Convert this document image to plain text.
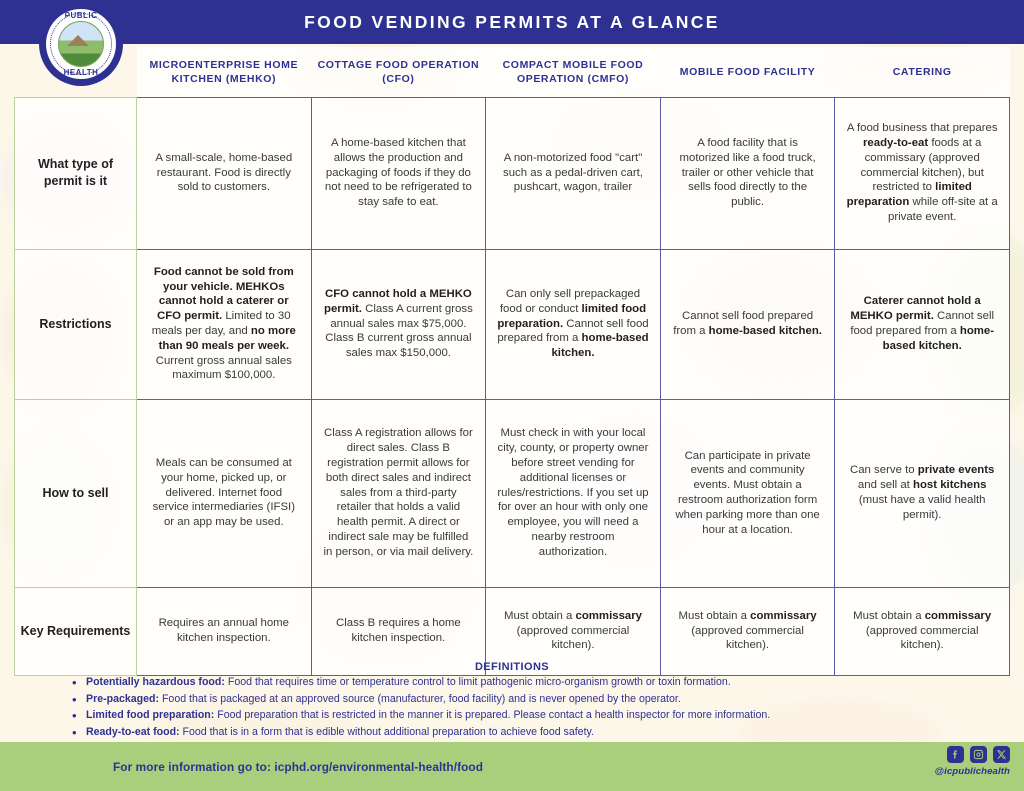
FOOD VENDING PERMITS AT A GLANCE
PUBLIC
HEALTH
	MICROENTERPRISE HOME KITCHEN (MEHKO)	COTTAGE FOOD OPERATION (CFO)	COMPACT MOBILE FOOD OPERATION (CMFO)	MOBILE FOOD FACILITY	CATERING
What type of permit is it	A small-scale, home-based restaurant. Food is directly sold to customers.	A home-based kitchen that allows the production and packaging of foods if they do not need to be refrigerated to stay safe to eat.	A non-motorized food "cart" such as a pedal-driven cart, pushcart, wagon, trailer	A food facility that is motorized like a food truck, trailer or other vehicle that sells food directly to the public.	A food business that prepares ready-to-eat foods at a commissary (approved commercial kitchen), but restricted to limited preparation while off-site at a private event.
Restrictions	Food cannot be sold from your vehicle. MEHKOs cannot hold a caterer or CFO permit. Limited to 30 meals per day, and no more than 90 meals per week. Current gross annual sales maximum $100,000.	CFO cannot hold a MEHKO permit. Class A current gross annual sales max $75,000. Class B current gross annual sales max $150,000.	Can only sell prepackaged food or conduct limited food preparation. Cannot sell food prepared from a home-based kitchen.	Cannot sell food prepared from a home-based kitchen.	Caterer cannot hold a MEHKO permit. Cannot sell food prepared from a home-based kitchen.
How to sell	Meals can be consumed at your home, picked up, or delivered. Internet food service intermediaries (IFSI) or an app may be used.	Class A registration allows for direct sales. Class B registration permit allows for both direct sales and indirect sales from a third-party retailer that holds a valid health permit. A direct or indirect sale may be fulfilled in person, or via mail delivery.	Must check in with your local city, county, or property owner before street vending for additional licenses or rules/restrictions. If you set up for over an hour with only one employee, you will need a nearby restroom authorization.	Can participate in private events and community events. Must obtain a restroom authorization form when parking more than one hour at a location.	Can serve to private events and sell at host kitchens (must have a valid health permit).
Key Requirements	Requires an annual home kitchen inspection.	Class B requires a home kitchen inspection.	Must obtain a commissary (approved commercial kitchen).	Must obtain a commissary (approved commercial kitchen).	Must obtain a commissary (approved commercial kitchen).
DEFINITIONS
• Potentially hazardous food: Food that requires time or temperature control to limit pathogenic micro-organism growth or toxin formation.
• Pre-packaged: Food that is packaged at an approved source (manufacturer, food facility) and is never opened by the operator.
• Limited food preparation: Food preparation that is restricted in the manner it is prepared. Please contact a health inspector for more information.
• Ready-to-eat food: Food that is in a form that is edible without additional preparation to achieve food safety.
For more information go to: icphd.org/environmental-health/food	@icpublichealth
